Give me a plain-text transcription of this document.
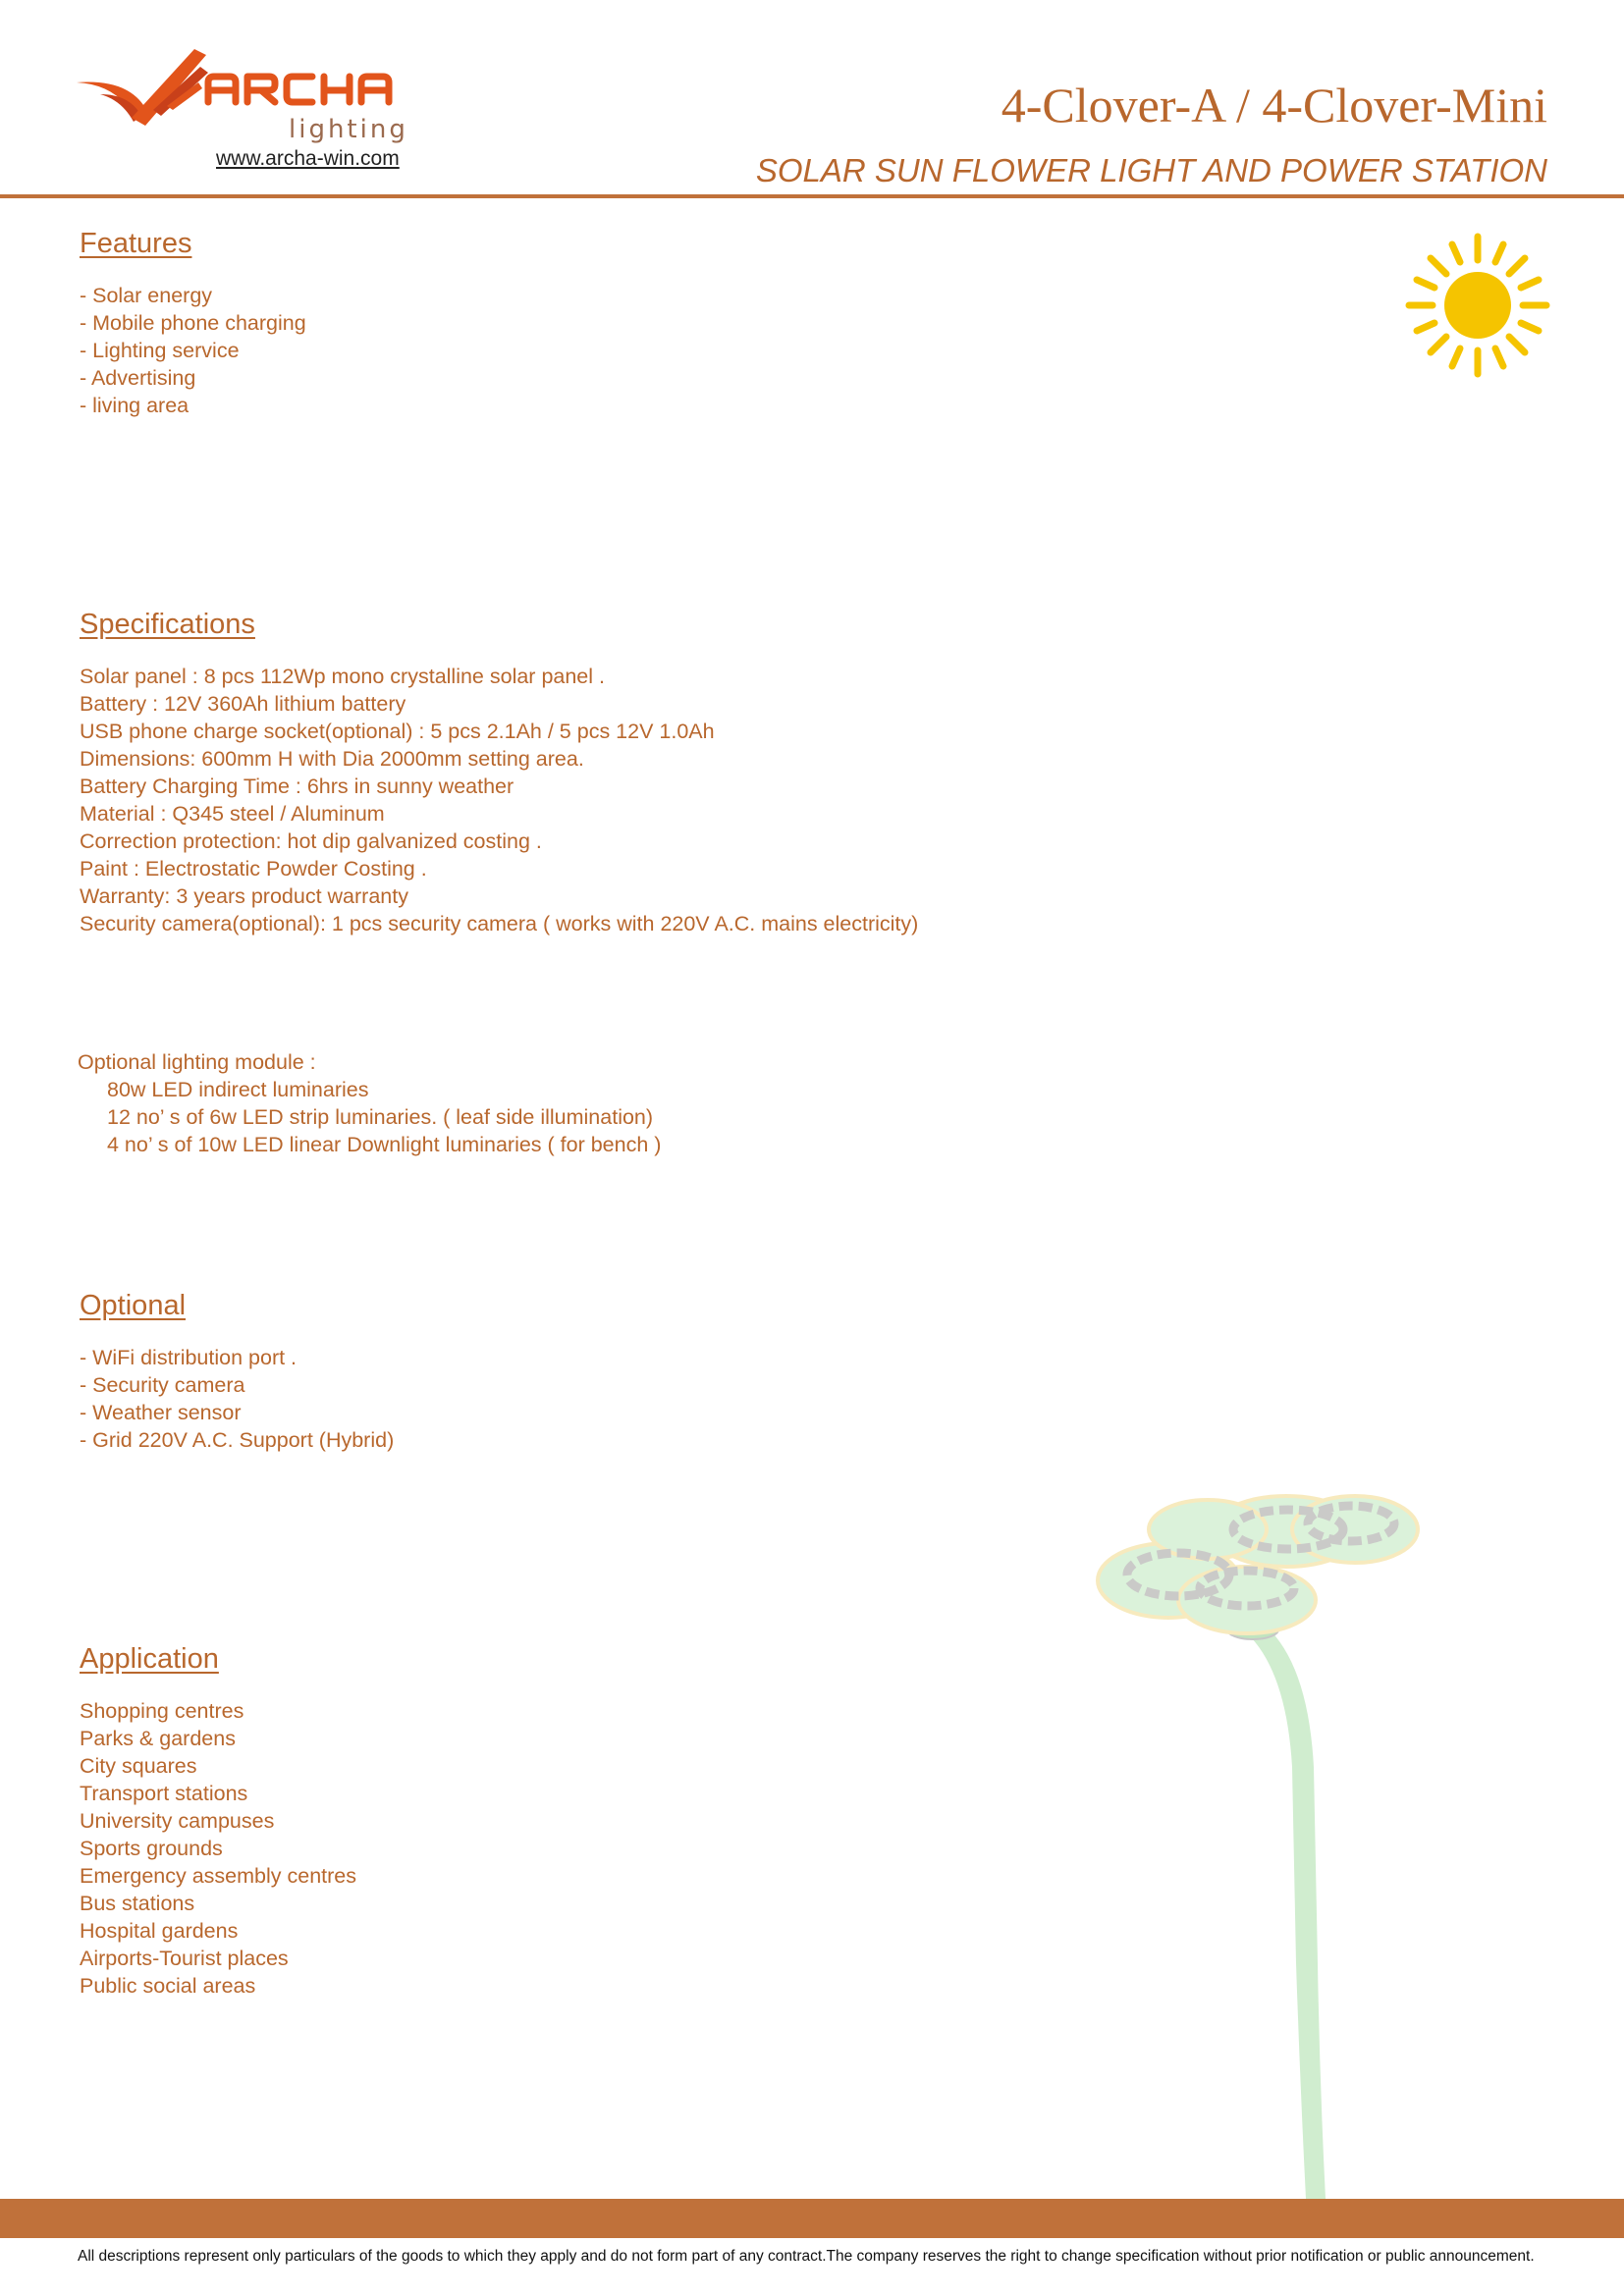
lighting
www.archa-win.com
4-Clover-A / 4-Clover-Mini
SOLAR SUN FLOWER LIGHT AND POWER STATION
Features
- Solar energy
- Mobile phone charging
- Lighting service
- Advertising
- living area
Specifications
Solar panel : 8 pcs 112Wp mono crystalline solar panel .
Battery : 12V 360Ah lithium battery
USB phone charge socket(optional) : 5 pcs 2.1Ah / 5 pcs 12V 1.0Ah
Dimensions: 600mm H with Dia 2000mm setting area.
Battery Charging Time : 6hrs in sunny weather
Material : Q345 steel / Aluminum
Correction protection: hot dip galvanized costing .
Paint : Electrostatic Powder Costing .
Warranty: 3 years product warranty
Security camera(optional): 1 pcs security camera ( works with 220V A.C. mains electricity)
Optional lighting module :
80w LED indirect luminaries
12 no’ s of 6w LED strip luminaries. ( leaf side illumination)
4 no’ s of 10w LED linear Downlight luminaries ( for bench )
Optional
- WiFi distribution port .
- Security camera
- Weather sensor
- Grid 220V A.C. Support (Hybrid)
Application
Shopping centres
Parks & gardens
City squares
Transport stations
University campuses
Sports grounds
Emergency assembly centres
Bus stations
Hospital gardens
Airports-Tourist places
Public social areas
All descriptions represent only particulars of the goods to which they apply and do not form part of any contract.The company reserves the right to change specification without prior notification or public announcement.
